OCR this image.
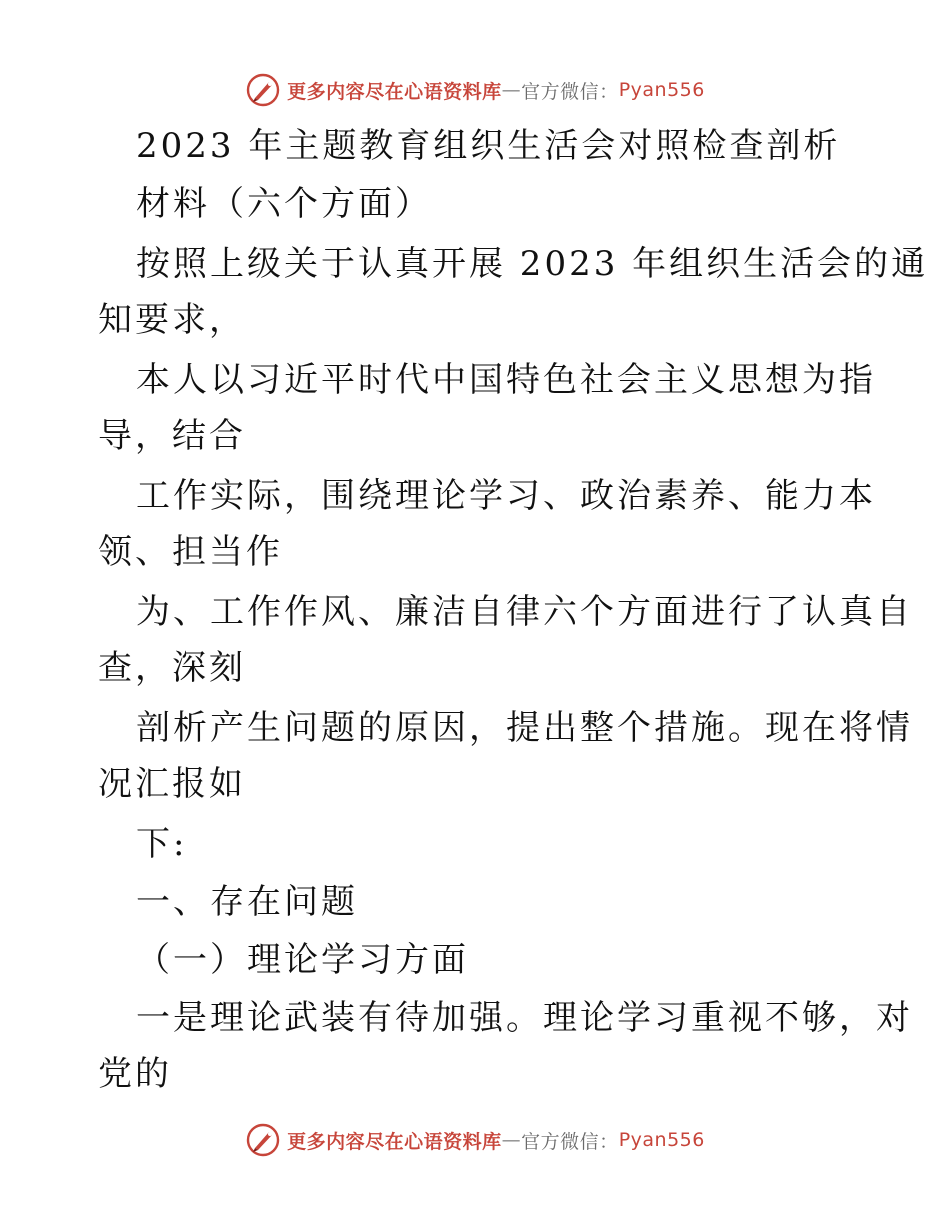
更多内容尽在心语资料库 — 官方微信： Pyan556
2023 年主题教育组织生活会对照检查剖析
材料（六个方面）
按照上级关于认真开展 2023 年组织生活会的通
知要求，
本人以习近平时代中国特色社会主义思想为指
导，结合
工作实际，围绕理论学习、政治素养、能力本
领、担当作
为、工作作风、廉洁自律六个方面进行了认真自
查，深刻
剖析产生问题的原因，提出整个措施。现在将情
况汇报如
下:
一、存在问题
（一）理论学习方面
一是理论武装有待加强。理论学习重视不够，对
党的
更多内容尽在心语资料库 — 官方微信： Pyan556
